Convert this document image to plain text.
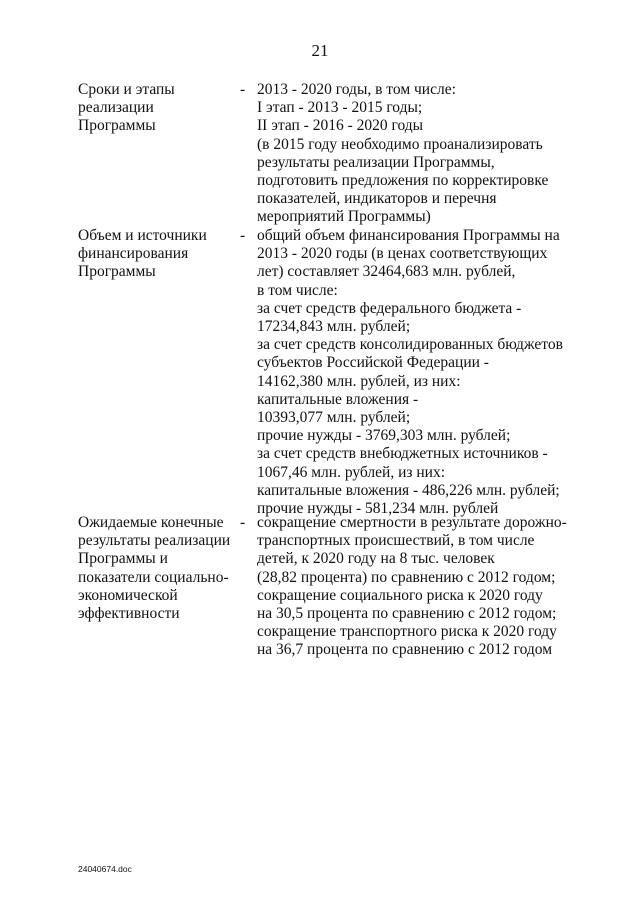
21
Сроки и этапы
реализации
Программы
- 2013 - 2020 годы, в том числе:
I этап - 2013 - 2015 годы;
II этап - 2016 - 2020 годы
(в 2015 году необходимо проанализировать
результаты реализации Программы,
подготовить предложения по корректировке
показателей, индикаторов и перечня
мероприятий Программы)
Объем и источники
финансирования
Программы
- общий объем финансирования Программы на
2013 - 2020 годы (в ценах соответствующих
лет) составляет 32464,683 млн. рублей,
в том числе:
за счет средств федерального бюджета -
17234,843 млн. рублей;
за счет средств консолидированных бюджетов
субъектов Российской Федерации -
14162,380 млн. рублей, из них:
капитальные вложения -
10393,077 млн. рублей;
прочие нужды - 3769,303 млн. рублей;
за счет средств внебюджетных источников -
1067,46 млн. рублей, из них:
капитальные вложения - 486,226 млн. рублей;
прочие нужды - 581,234 млн. рублей
Ожидаемые конечные
результаты реализации
Программы и
показатели социально-
экономической
эффективности
- сокращение смертности в результате дорожно-
транспортных происшествий, в том числе
детей, к 2020 году на 8 тыс. человек
(28,82 процента) по сравнению с 2012 годом;
сокращение социального риска к 2020 году
на 30,5 процента по сравнению с 2012 годом;
сокращение транспортного риска к 2020 году
на 36,7 процента по сравнению с 2012 годом
24040674.doc
